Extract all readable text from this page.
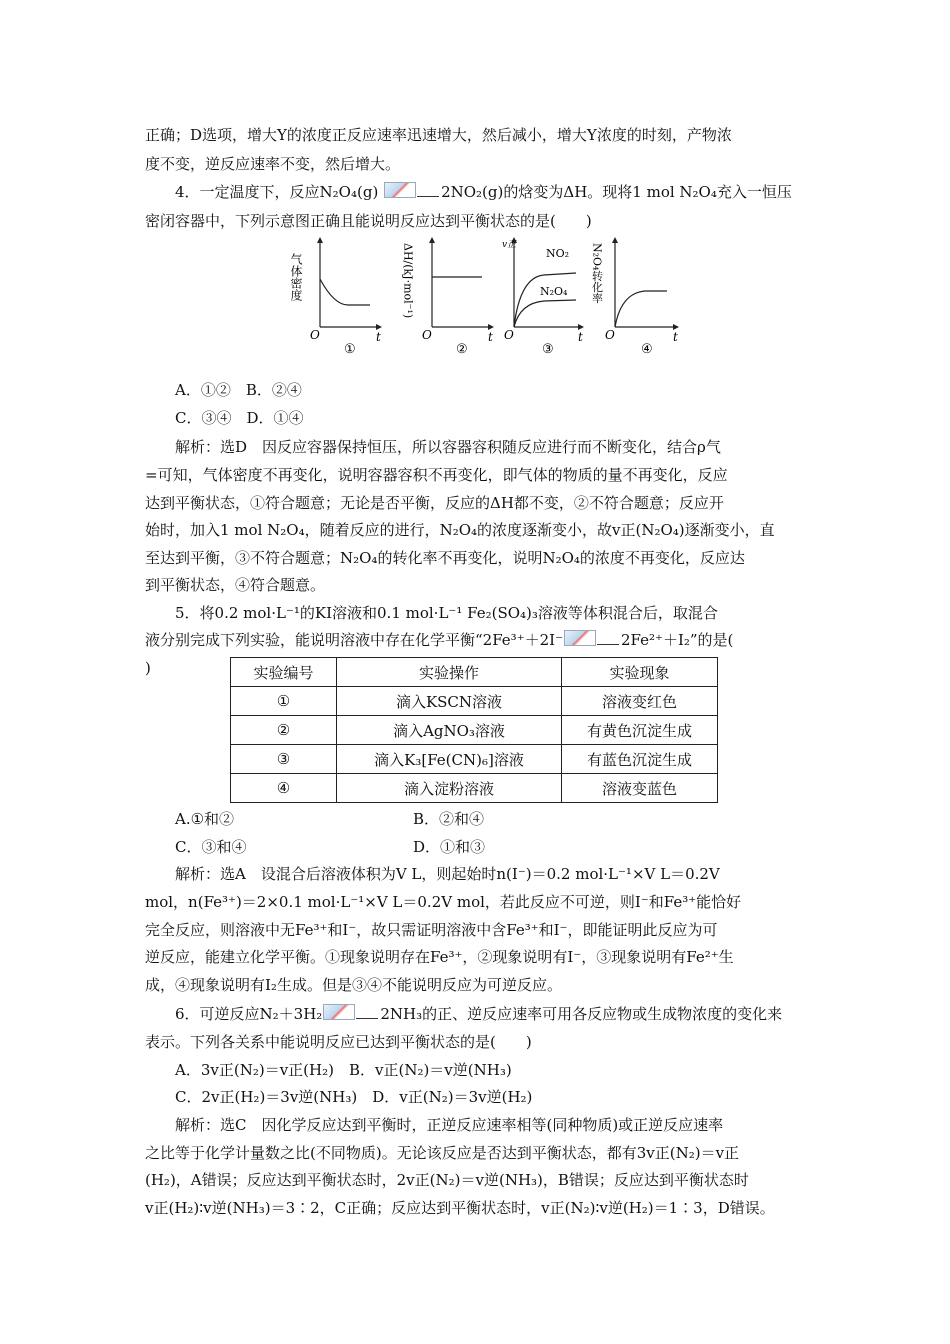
正确；D选项，增大Y的浓度正反应速率迅速增大，然后减小，增大Y浓度的时刻，产物浓
度不变，逆反应速率不变，然后增大。
4．一定温度下，反应N₂O₄(g)	2NO₂(g)的焓变为ΔH。现将1 mol N₂O₄充入一恒压
密闭容器中，下列示意图正确且能说明反应达到平衡状态的是(　　)
气体密度
O	t
①
ΔH/(kJ·mol⁻¹)
O	t
②
v正
NO₂
N₂O₄
O	t
③
N₂O₄转化率
O	t
④
A．①②　B．②④
C．③④　D．①④
解析：选D　因反应容器保持恒压，所以容器容积随反应进行而不断变化，结合ρ气
=可知，气体密度不再变化，说明容器容积不再变化，即气体的物质的量不再变化，反应
达到平衡状态，①符合题意；无论是否平衡，反应的ΔH都不变，②不符合题意；反应开
始时，加入1 mol N₂O₄，随着反应的进行，N₂O₄的浓度逐渐变小，故v正(N₂O₄)逐渐变小，直
至达到平衡，③不符合题意；N₂O₄的转化率不再变化，说明N₂O₄的浓度不再变化，反应达
到平衡状态，④符合题意。
5．将0.2 mol·L⁻¹的KI溶液和0.1 mol·L⁻¹ Fe₂(SO₄)₃溶液等体积混合后，取混合
液分别完成下列实验，能说明溶液中存在化学平衡“2Fe³⁺＋2I⁻	2Fe²⁺＋I₂”的是(
)	实验编号	实验操作	实验现象
①	滴入KSCN溶液	溶液变红色
②	滴入AgNO₃溶液	有黄色沉淀生成
③	滴入K₃[Fe(CN)₆]溶液	有蓝色沉淀生成
④	滴入淀粉溶液	溶液变蓝色
A.①和②	B．②和④
C．③和④	D．①和③
解析：选A　设混合后溶液体积为V L，则起始时n(I⁻)＝0.2 mol·L⁻¹×V L＝0.2V
mol，n(Fe³⁺)＝2×0.1 mol·L⁻¹×V L＝0.2V mol，若此反应不可逆，则I⁻和Fe³⁺能恰好
完全反应，则溶液中无Fe³⁺和I⁻，故只需证明溶液中含Fe³⁺和I⁻，即能证明此反应为可
逆反应，能建立化学平衡。①现象说明存在Fe³⁺，②现象说明有I⁻，③现象说明有Fe²⁺生
成，④现象说明有I₂生成。但是③④不能说明反应为可逆反应。
6．可逆反应N₂＋3H₂	2NH₃的正、逆反应速率可用各反应物或生成物浓度的变化来
表示。下列各关系中能说明反应已达到平衡状态的是(　　)
A．3v正(N₂)＝v正(H₂)　B．v正(N₂)＝v逆(NH₃)
C．2v正(H₂)＝3v逆(NH₃)　D．v正(N₂)＝3v逆(H₂)
解析：选C　因化学反应达到平衡时，正逆反应速率相等(同种物质)或正逆反应速率
之比等于化学计量数之比(不同物质)。无论该反应是否达到平衡状态，都有3v正(N₂)＝v正
(H₂)，A错误；反应达到平衡状态时，2v正(N₂)＝v逆(NH₃)，B错误；反应达到平衡状态时
v正(H₂)∶v逆(NH₃)＝3∶2，C正确；反应达到平衡状态时，v正(N₂)∶v逆(H₂)＝1∶3，D错误。
